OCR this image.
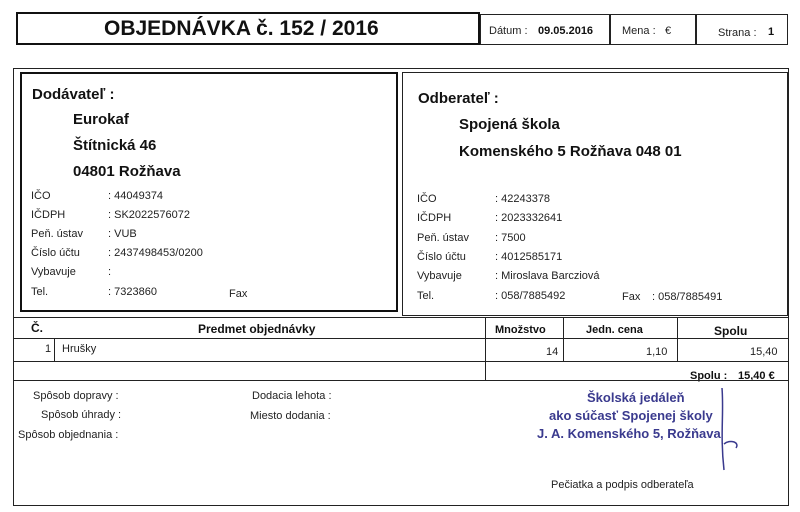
OBJEDNÁVKA č. 152 / 2016	Dátum : 09.05.2016	Mena : €	Strana : 1
Dodávateľ :
Eurokaf
Štítnická 46
04801 Rožňava
IČO	: 44049374
IČDPH	: SK2022576072
Peň. ústav : VUB
Číslo účtu	: 2437498453/0200
Vybavuje	:
Tel.	: 7323860	Fax
Odberateľ :
Spojená škola
Komenského 5 Rožňava 048 01
IČO	: 42243378
IČDPH	: 2023332641
Peň. ústav : 7500
Číslo účtu	: 4012585171
Vybavuje	: Miroslava Barcziová
Tel.	: 058/7885492	Fax : 058/7885491
Č.	Predmet objednávky	Množstvo	Jedn. cena	Spolu
1 Hrušky	14	1,10	15,40
Spolu : 15,40 €
Spôsob dopravy :
Spôsob úhrady :
Spôsob objednania :
Dodacia lehota :
Miesto dodania :
Školská jedáleň
ako súčasť Spojenej školy
J. A. Komenského 5, Rožňava
Pečiatka a podpis odberateľa
